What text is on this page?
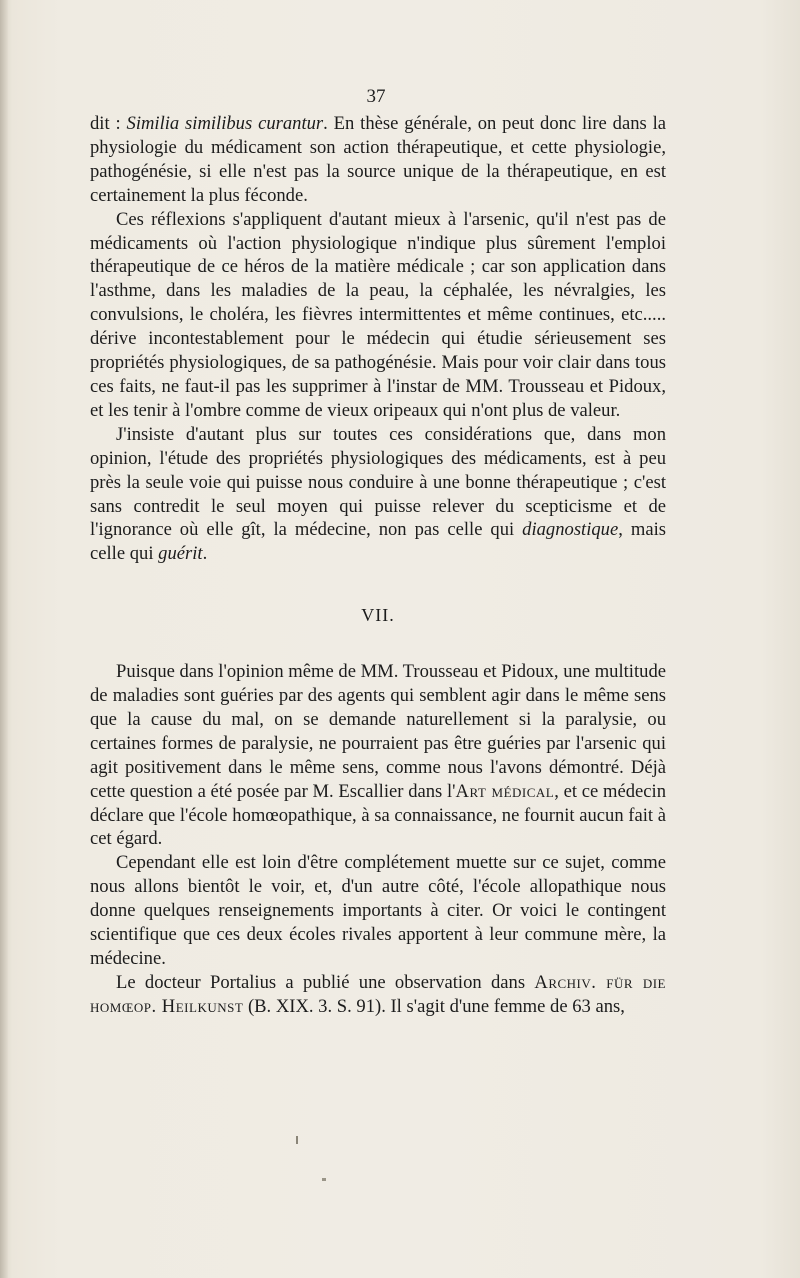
37

dit : Similia similibus curantur. En thèse générale, on peut donc lire dans la physiologie du médicament son action thérapeutique, et cette physiologie, pathogénésie, si elle n'est pas la source unique de la thérapeutique, en est certainement la plus féconde.

Ces réflexions s'appliquent d'autant mieux à l'arsenic, qu'il n'est pas de médicaments où l'action physiologique n'indique plus sûrement l'emploi thérapeutique de ce héros de la matière médicale ; car son application dans l'asthme, dans les maladies de la peau, la céphalée, les névralgies, les convulsions, le choléra, les fièvres intermittentes et même continues, etc..... dérive incontestablement pour le médecin qui étudie sérieusement ses propriétés physiologiques, de sa pathogénésie. Mais pour voir clair dans tous ces faits, ne faut-il pas les supprimer à l'instar de MM. Trousseau et Pidoux, et les tenir à l'ombre comme de vieux oripeaux qui n'ont plus de valeur.

J'insiste d'autant plus sur toutes ces considérations que, dans mon opinion, l'étude des propriétés physiologiques des médicaments, est à peu près la seule voie qui puisse nous conduire à une bonne thérapeutique ; c'est sans contredit le seul moyen qui puisse relever du scepticisme et de l'ignorance où elle gît, la médecine, non pas celle qui diagnostique, mais celle qui guérit.

VII.

Puisque dans l'opinion même de MM. Trousseau et Pidoux, une multitude de maladies sont guéries par des agents qui semblent agir dans le même sens que la cause du mal, on se demande naturellement si la paralysie, ou certaines formes de paralysie, ne pourraient pas être guéries par l'arsenic qui agit positivement dans le même sens, comme nous l'avons démontré. Déjà cette question a été posée par M. Escallier dans l'Art médical, et ce médecin déclare que l'école homœopathique, à sa connaissance, ne fournit aucun fait à cet égard.

Cependant elle est loin d'être complétement muette sur ce sujet, comme nous allons bientôt le voir, et, d'un autre côté, l'école allopathique nous donne quelques renseignements importants à citer. Or voici le contingent scientifique que ces deux écoles rivales apportent à leur commune mère, la médecine.

Le docteur Portalius a publié une observation dans Archiv. für die homœop. Heilkunst (B. XIX. 3. S. 91). Il s'agit d'une femme de 63 ans,
